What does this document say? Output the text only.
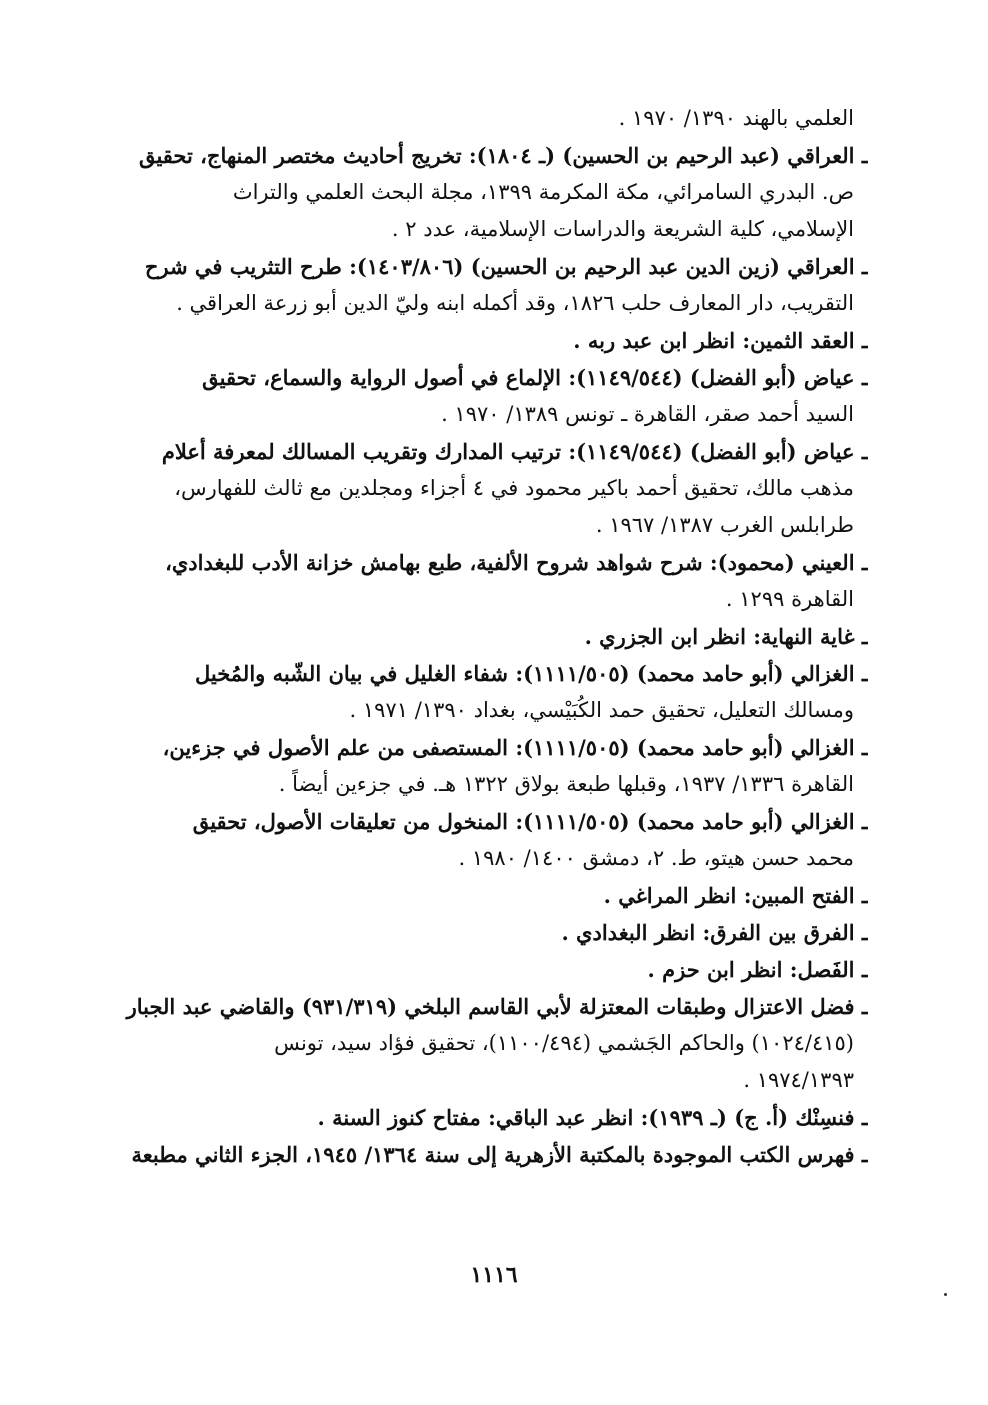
العلمي بالهند ١٣٩٠/ ١٩٧٠ .
ـ العراقي (عبد الرحيم بن الحسين) (ـ ١٨٠٤): تخريج أحاديث مختصر المنهاج، تحقيق
ص. البدري السامرائي، مكة المكرمة ١٣٩٩، مجلة البحث العلمي والتراث
الإسلامي، كلية الشريعة والدراسات الإسلامية، عدد ٢ .
ـ العراقي (زين الدين عبد الرحيم بن الحسين) (١٤٠٣/٨٠٦): طرح التثريب في شرح
التقريب، دار المعارف حلب ١٨٢٦، وقد أكمله ابنه وليّ الدين أبو زرعة العراقي .
ـ العقد الثمين: انظر ابن عبد ربه .
ـ عياض (أبو الفضل) (١١٤٩/٥٤٤): الإلماع في أصول الرواية والسماع، تحقيق
السيد أحمد صقر، القاهرة ـ تونس ١٣٨٩/ ١٩٧٠ .
ـ عياض (أبو الفضل) (١١٤٩/٥٤٤): ترتيب المدارك وتقريب المسالك لمعرفة أعلام
مذهب مالك، تحقيق أحمد باكير محمود في ٤ أجزاء ومجلدين مع ثالث للفهارس،
طرابلس الغرب ١٣٨٧/ ١٩٦٧ .
ـ العيني (محمود): شرح شواهد شروح الألفية، طبع بهامش خزانة الأدب للبغدادي،
القاهرة ١٢٩٩ .
ـ غاية النهاية: انظر ابن الجزري .
ـ الغزالي (أبو حامد محمد) (١١١١/٥٠٥): شفاء الغليل في بيان الشّبه والمُخيل
ومسالك التعليل، تحقيق حمد الكُبَيْسي، بغداد ١٣٩٠/ ١٩٧١ .
ـ الغزالي (أبو حامد محمد) (١١١١/٥٠٥): المستصفى من علم الأصول في جزءين،
القاهرة ١٣٣٦/ ١٩٣٧، وقبلها طبعة بولاق ١٣٢٢ هـ. في جزءين أيضاً .
ـ الغزالي (أبو حامد محمد) (١١١١/٥٠٥): المنخول من تعليقات الأصول، تحقيق
محمد حسن هيتو، ط. ٢، دمشق ١٤٠٠/ ١٩٨٠ .
ـ الفتح المبين: انظر المراغي .
ـ الفرق بين الفرق: انظر البغدادي .
ـ الفَصل: انظر ابن حزم .
ـ فضل الاعتزال وطبقات المعتزلة لأبي القاسم البلخي (٩٣١/٣١٩) والقاضي عبد الجبار
(١٠٢٤/٤١٥) والحاكم الجَشمي (١١٠٠/٤٩٤)، تحقيق فؤاد سيد، تونس
١٩٧٤/١٣٩٣ .
ـ فنسِنْك (أ. ج) (ـ ١٩٣٩): انظر عبد الباقي: مفتاح كنوز السنة .
ـ فهرس الكتب الموجودة بالمكتبة الأزهرية إلى سنة ١٣٦٤/ ١٩٤٥، الجزء الثاني مطبعة
١١١٦
